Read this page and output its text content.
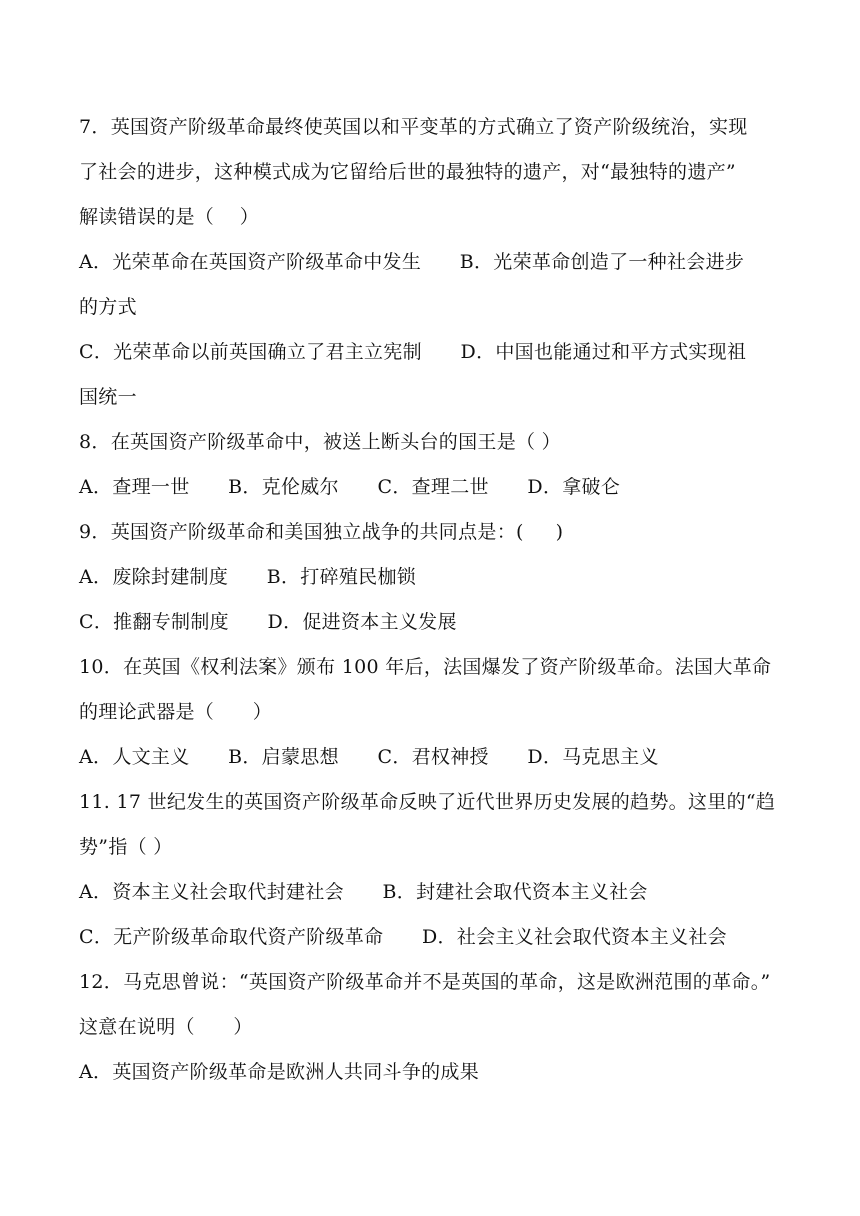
7．英国资产阶级革命最终使英国以和平变革的方式确立了资产阶级统治，实现
了社会的进步，这种模式成为它留给后世的最独特的遗产，对“最独特的遗产”
解读错误的是（　 ）
A．光荣革命在英国资产阶级革命中发生　　B．光荣革命创造了一种社会进步
的方式
C．光荣革命以前英国确立了君主立宪制　　D．中国也能通过和平方式实现祖
国统一
8．在英国资产阶级革命中，被送上断头台的国王是（ ）
A．查理一世　　B．克伦威尔　　C．查理二世　　D．拿破仑
9．英国资产阶级革命和美国独立战争的共同点是：(　  )
A．废除封建制度　　B．打碎殖民枷锁
C．推翻专制制度　　D．促进资本主义发展
10．在英国《权利法案》颁布 100 年后，法国爆发了资产阶级革命。法国大革命
的理论武器是（　　）
A．人文主义　　B．启蒙思想　　C．君权神授　　D．马克思主义
11. 17 世纪发生的英国资产阶级革命反映了近代世界历史发展的趋势。这里的“趋
势”指（ ）
A．资本主义社会取代封建社会　　B．封建社会取代资本主义社会
C．无产阶级革命取代资产阶级革命　　D．社会主义社会取代资本主义社会
12．马克思曾说：“英国资产阶级革命并不是英国的革命，这是欧洲范围的革命。”
这意在说明（　　）
A．英国资产阶级革命是欧洲人共同斗争的成果
